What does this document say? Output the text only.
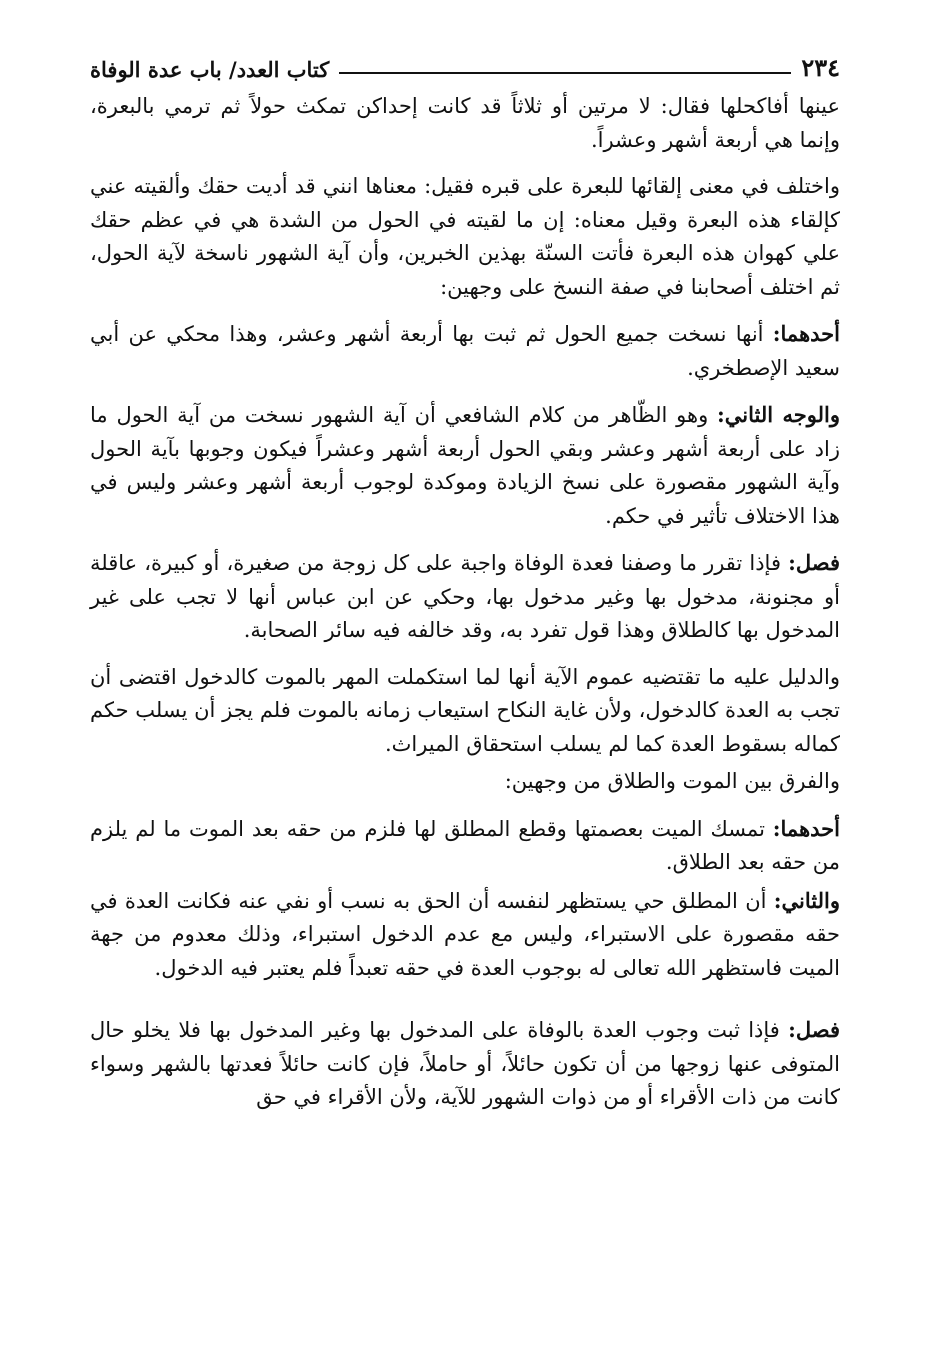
٢٣٤
كتاب العدد/ باب عدة الوفاة

عينها أفاكحلها فقال: لا مرتين أو ثلاثاً قد كانت إحداكن تمكث حولاً ثم ترمي بالبعرة، وإنما هي أربعة أشهر وعشراً.

واختلف في معنى إلقائها للبعرة على قبره فقيل: معناها انني قد أديت حقك وألقيته عني كإلقاء هذه البعرة وقيل معناه: إن ما لقيته في الحول من الشدة هي في عظم حقك علي كهوان هذه البعرة فأتت السنّة بهذين الخبرين، وأن آية الشهور ناسخة لآية الحول، ثم اختلف أصحابنا في صفة النسخ على وجهين:

أحدهما: أنها نسخت جميع الحول ثم ثبت بها أربعة أشهر وعشر، وهذا محكي عن أبي سعيد الإصطخري.

والوجه الثاني: وهو الظّاهر من كلام الشافعي أن آية الشهور نسخت من آية الحول ما زاد على أربعة أشهر وعشر وبقي الحول أربعة أشهر وعشراً فيكون وجوبها بآية الحول وآية الشهور مقصورة على نسخ الزيادة وموكدة لوجوب أربعة أشهر وعشر وليس في هذا الاختلاف تأثير في حكم.

فصل: فإذا تقرر ما وصفنا فعدة الوفاة واجبة على كل زوجة من صغيرة، أو كبيرة، عاقلة أو مجنونة، مدخول بها وغير مدخول بها، وحكي عن ابن عباس أنها لا تجب على غير المدخول بها كالطلاق وهذا قول تفرد به، وقد خالفه فيه سائر الصحابة.

والدليل عليه ما تقتضيه عموم الآية أنها لما استكملت المهر بالموت كالدخول اقتضى أن تجب به العدة كالدخول، ولأن غاية النكاح استيعاب زمانه بالموت فلم يجز أن يسلب حكم كماله بسقوط العدة كما لم يسلب استحقاق الميراث.

والفرق بين الموت والطلاق من وجهين:

أحدهما: تمسك الميت بعصمتها وقطع المطلق لها فلزم من حقه بعد الموت ما لم يلزم من حقه بعد الطلاق.

والثاني: أن المطلق حي يستظهر لنفسه أن الحق به نسب أو نفي عنه فكانت العدة في حقه مقصورة على الاستبراء، وليس مع عدم الدخول استبراء، وذلك معدوم من جهة الميت فاستظهر الله تعالى له بوجوب العدة في حقه تعبداً فلم يعتبر فيه الدخول.

فصل: فإذا ثبت وجوب العدة بالوفاة على المدخول بها وغير المدخول بها فلا يخلو حال المتوفى عنها زوجها من أن تكون حائلاً، أو حاملاً، فإن كانت حائلاً فعدتها بالشهر وسواء كانت من ذات الأقراء أو من ذوات الشهور للآية، ولأن الأقراء في حق
